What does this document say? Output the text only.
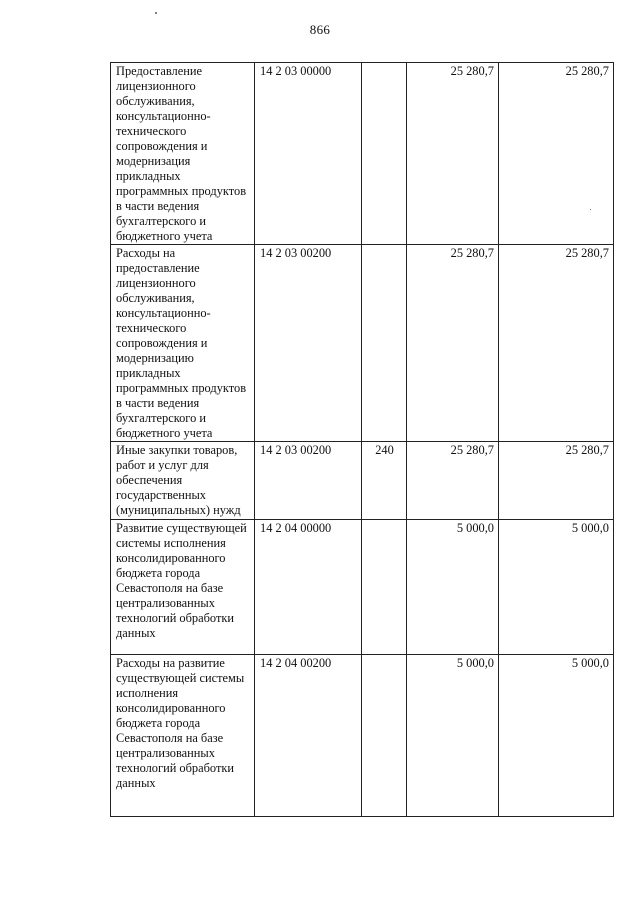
866
Предоставление лицензионного обслуживания, консультационно-технического сопровождения и модернизация прикладных программных продуктов в части ведения бухгалтерского и бюджетного учета	14 2 03 00000		25 280,7	25 280,7

Расходы на предоставление лицензионного обслуживания, консультационно-технического сопровождения и модернизацию прикладных программных продуктов в части ведения бухгалтерского и бюджетного учета	14 2 03 00200		25 280,7	25 280,7

Иные закупки товаров, работ и услуг для обеспечения государственных (муниципальных) нужд	14 2 03 00200	240	25 280,7	25 280,7

Развитие существующей системы исполнения консолидированного бюджета города Севастополя на базе централизованных технологий обработки данных	14 2 04 00000		5 000,0	5 000,0

Расходы на развитие существующей системы исполнения консолидированного бюджета города Севастополя на базе централизованных технологий обработки данных	14 2 04 00200		5 000,0	5 000,0
